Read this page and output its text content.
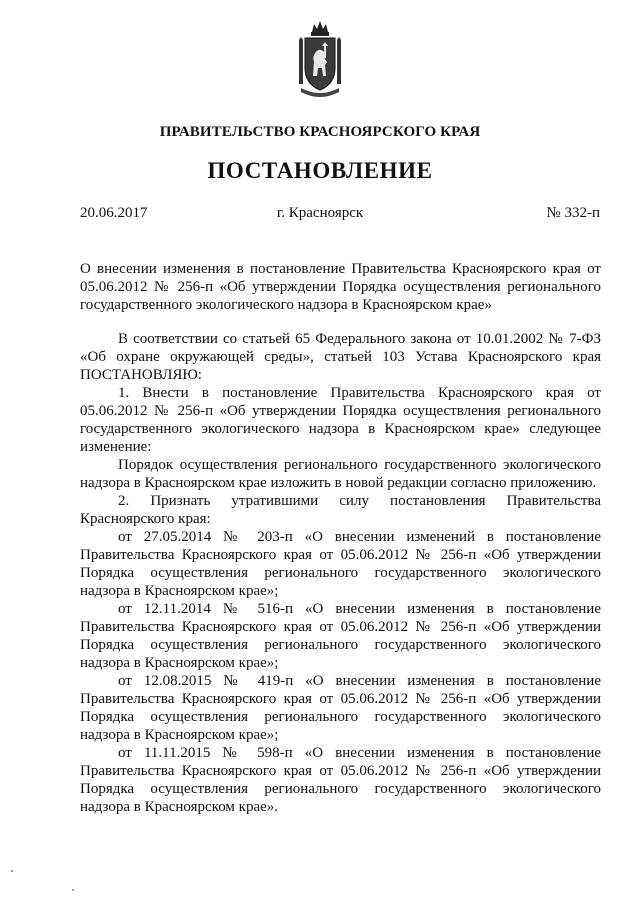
ПРАВИТЕЛЬСТВО КРАСНОЯРСКОГО КРАЯ
ПОСТАНОВЛЕНИЕ
г. Красноярск
20.06.2017	№ 332-п
О внесении изменения в постановление Правительства Красноярского края от 05.06.2012 № 256-п «Об утверждении Порядка осуществления регионального государственного экологического надзора в Красноярском крае»

В соответствии со статьей 65 Федерального закона от 10.01.2002 № 7-ФЗ «Об охране окружающей среды», статьей 103 Устава Красноярского края ПОСТАНОВЛЯЮ:

1. Внести в постановление Правительства Красноярского края от 05.06.2012 № 256-п «Об утверждении Порядка осуществления регионального государственного экологического надзора в Красноярском крае» следующее изменение:

Порядок осуществления регионального государственного экологического надзора в Красноярском крае изложить в новой редакции согласно приложению.

2. Признать утратившими силу постановления Правительства Красноярского края:

от 27.05.2014 № 203-п «О внесении изменений в постановление Правительства Красноярского края от 05.06.2012 № 256-п «Об утверждении Порядка осуществления регионального государственного экологического надзора в Красноярском крае»;

от 12.11.2014 № 516-п «О внесении изменения в постановление Правительства Красноярского края от 05.06.2012 № 256-п «Об утверждении Порядка осуществления регионального государственного экологического надзора в Красноярском крае»;

от 12.08.2015 № 419-п «О внесении изменения в постановление Правительства Красноярского края от 05.06.2012 № 256-п «Об утверждении Порядка осуществления регионального государственного экологического надзора в Красноярском крае»;

от 11.11.2015 № 598-п «О внесении изменения в постановление Правительства Красноярского края от 05.06.2012 № 256-п «Об утверждении Порядка осуществления регионального государственного экологического надзора в Красноярском крае».
